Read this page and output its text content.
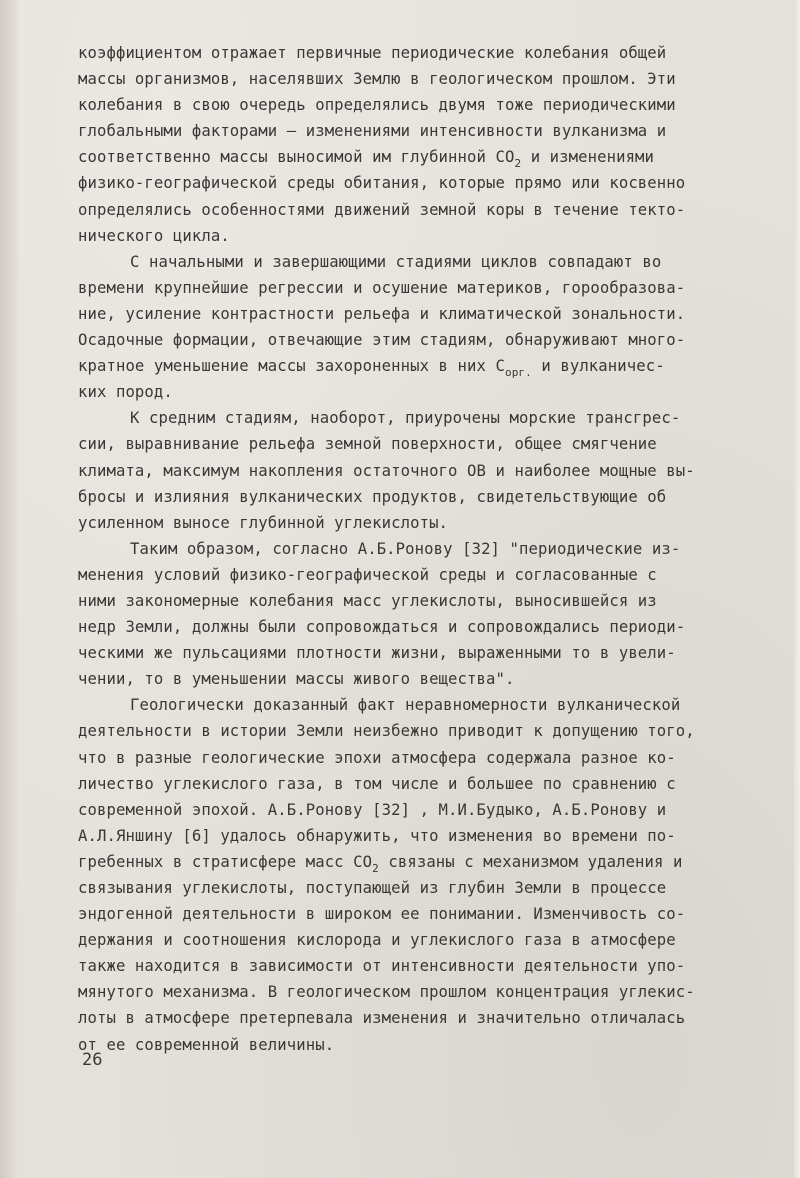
коэффициентом отражает первичные периодические колебания общей
массы организмов, населявших Землю в геологическом прошлом. Эти
колебания в свою очередь определялись двумя тоже периодическими
глобальными факторами – изменениями интенсивности вулканизма и
соответственно массы выносимой им глубинной $СО_2$ и изменениями
физико-географической среды обитания, которые прямо или косвенно
определялись особенностями движений земной коры в течение текто-
нического цикла.
С начальными и завершающими стадиями циклов совпадают во
времени крупнейшие регрессии и осушение материков, горообразова-
ние, усиление контрастности рельефа и климатической зональности.
Осадочные формации, отвечающие этим стадиям, обнаруживают много-
кратное уменьшение массы захороненных в них $С_{орг.}$ и вулканичес-
ких пород.
К средним стадиям, наоборот, приурочены морские трансгрес-
сии, выравнивание рельефа земной поверхности, общее смягчение
климата, максимум накопления остаточного ОВ и наиболее мощные вы-
бросы и излияния вулканических продуктов, свидетельствующие об
усиленном выносе глубинной углекислоты.
Таким образом, согласно А.Б.Ронову [32] "периодические из-
менения условий физико-географической среды и согласованные с
ними закономерные колебания масс углекислоты, выносившейся из
недр Земли, должны были сопровождаться и сопровождались периоди-
ческими же пульсациями плотности жизни, выраженными то в увели-
чении, то в уменьшении массы живого вещества".
Геологически доказанный факт неравномерности вулканической
деятельности в истории Земли неизбежно приводит к допущению того,
что в разные геологические эпохи атмосфера содержала разное ко-
личество углекислого газа, в том числе и большее по сравнению с
современной эпохой. А.Б.Ронову [32] , М.И.Будыко, А.Б.Ронову и
А.Л.Яншину [6] удалось обнаружить, что изменения во времени по-
гребенных в стратисфере масс $СО_2$ связаны с механизмом удаления и
связывания углекислоты, поступающей из глубин Земли в процессе
эндогенной деятельности в широком ее понимании. Изменчивость со-
держания и соотношения кислорода и углекислого газа в атмосфере
также находится в зависимости от интенсивности деятельности упо-
мянутого механизма. В геологическом прошлом концентрация углекис-
лоты в атмосфере претерпевала изменения и значительно отличалась
от ее современной величины.
26
